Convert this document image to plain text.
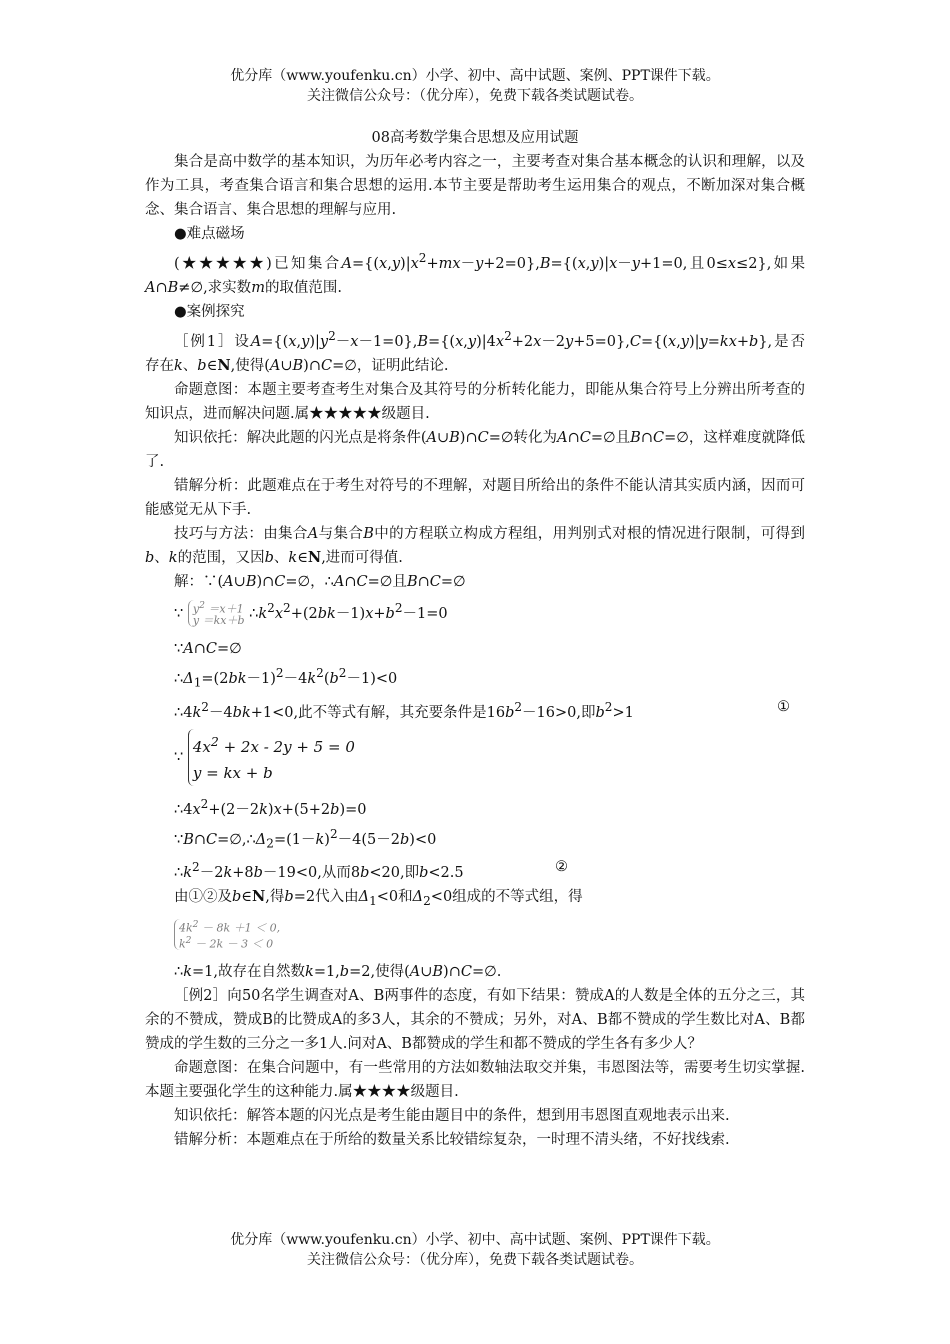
优分库（www.youfenku.cn）小学、初中、高中试题、案例、PPT课件下载。
关注微信公众号：（优分库），免费下载各类试题试卷。

08高考数学集合思想及应用试题

集合是高中数学的基本知识，为历年必考内容之一，主要考查对集合基本概念的认识和理解，以及作为工具，考查集合语言和集合思想的运用.本节主要是帮助考生运用集合的观点，不断加深对集合概念、集合语言、集合思想的理解与应用.

● 难点磁场

(★★★★★)已知集合$A=\{(x,y)|x^2+mx-y+2=0\},B=\{(x,y)|x-y+1=0$,且0≤x≤2},如果A∩B≠∅,求实数m的取值范围.

● 案例探究

［例1］设$A=\{(x,y)|y^2-x-1=0\},B=\{(x,y)|4x^2+2x-2y+5=0\},C=\{(x,y)|y=kx+b\}$,是否存在k、b∈N,使得(A∪B)∩C=∅，证明此结论.

命题意图：本题主要考查考生对集合及其符号的分析转化能力，即能从集合符号上分辨出所考查的知识点，进而解决问题.属★★★★★级题目.

知识依托：解决此题的闪光点是将条件(A∪B)∩C=∅转化为A∩C=∅且B∩C=∅，这样难度就降低了.

错解分析：此题难点在于考生对符号的不理解，对题目所给出的条件不能认清其实质内涵，因而可能感觉无从下手.

技巧与方法：由集合A与集合B中的方程联立构成方程组，用判别式对根的情况进行限制，可得到b、k的范围，又因b、k∈N,进而可得值.

解：∵(A∪B)∩C=∅，∴A∩C=∅且B∩C=∅
∵ $y^2 =x+1$
y ＝kx＋b $\therefore k^2x^2+(2bk-1)x+b^2-1=0$
∵A∩C=∅
$\therefore\Delta_1=(2bk-1)^2-4k^2(b^2-1)<0$
$\therefore 4k^2-4bk+1<0$,此不等式有解，其充要条件是$16b^2-16>0$,即$b^2>1$	①
∵
$4x^2 + 2x - 2y + 5 = 0$
y = kx + b
$\therefore 4x^2+(2-2k)x+(5+2b)=0$
$\because B\cap C=\emptyset,\therefore\Delta_2=(1-k)^2-4(5-2b)<0$
$\therefore k^2-2k+8b-19<0$,从而8b<20,即b<2.5	②
由①②及b∈N,得b=2代入由$\Delta_1<0$和$\Delta_2<0$组成的不等式组，得
$4k^2 - 8k +1 < 0$,
$k^2 - 2k - 3 < 0$
∴k=1,故存在自然数k=1,b=2,使得(A∪B)∩C=∅.

［例2］向50名学生调查对A、B两事件的态度，有如下结果：赞成A的人数是全体的五分之三，其余的不赞成，赞成B的比赞成A的多3人，其余的不赞成；另外，对A、B都不赞成的学生数比对A、B都赞成的学生数的三分之一多1人.问对A、B都赞成的学生和都不赞成的学生各有多少人？

命题意图：在集合问题中，有一些常用的方法如数轴法取交并集，韦恩图法等，需要考生切实掌握.本题主要强化学生的这种能力.属★★★★级题目.

知识依托：解答本题的闪光点是考生能由题目中的条件，想到用韦恩图直观地表示出来.

错解分析：本题难点在于所给的数量关系比较错综复杂，一时理不清头绪，不好找线索.

优分库（www.youfenku.cn）小学、初中、高中试题、案例、PPT课件下载。
关注微信公众号：（优分库），免费下载各类试题试卷。
